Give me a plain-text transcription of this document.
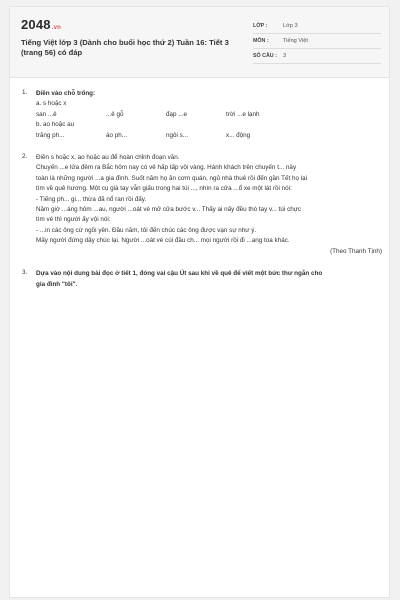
2048.vn
Tiếng Việt lớp 3 (Dành cho buổi học thứ 2) Tuần 16: Tiết 3 (trang 56) có đáp
LỚP :	Lớp 3
MÔN :	Tiếng Việt
SỐ CÂU :	3
1.	Điền vào chỗ trống:
a. s hoặc x
san ...ẻ	...ẻ gỗ	đạp ...e	trời ...e lạnh
b. ao hoặc au
trăng ph...	áo ph...	ngôi s...	x... động
2.	Điền s hoặc x, ao hoặc au để hoàn chỉnh đoạn văn.
Chuyến ...e lửa đêm ra Bắc hôm nay có vẻ hấp tấp vội vàng. Hành khách trên chuyến t... này
toàn là những người ...a gia đình. Suốt năm họ ăn cơm quán, ngủ nhà thuê rồi đến gần Tết họ lại
tìm về quê hương. Một cụ già tay vẫn giấu trong hai túi ..., nhìn ra cửa ...ổ xe một lát rồi nói:
- Tiếng ph... gi... thừa đã nổ ran rồi đấy.
Năm giờ ...áng hôm ...au, người ...oát vé mở cửa bước v... Thấy ai nấy đều thò tay v... túi chực
tìm vé thì người ấy vội nói:
- ...in các ông cứ ngồi yên. Đầu năm, tôi đến chúc các ông được vạn sự như ý.
Mấy người đứng dậy chúc lại. Người ...oát vé cúi đầu ch... mọi người rồi đi ...ang toa khác.
(Theo Thanh Tịnh)
3.	Dựa vào nội dung bài đọc ở tiết 1, đóng vai cậu Út sau khi về quê để viết một bức thư ngắn cho
gia đình "tôi".
